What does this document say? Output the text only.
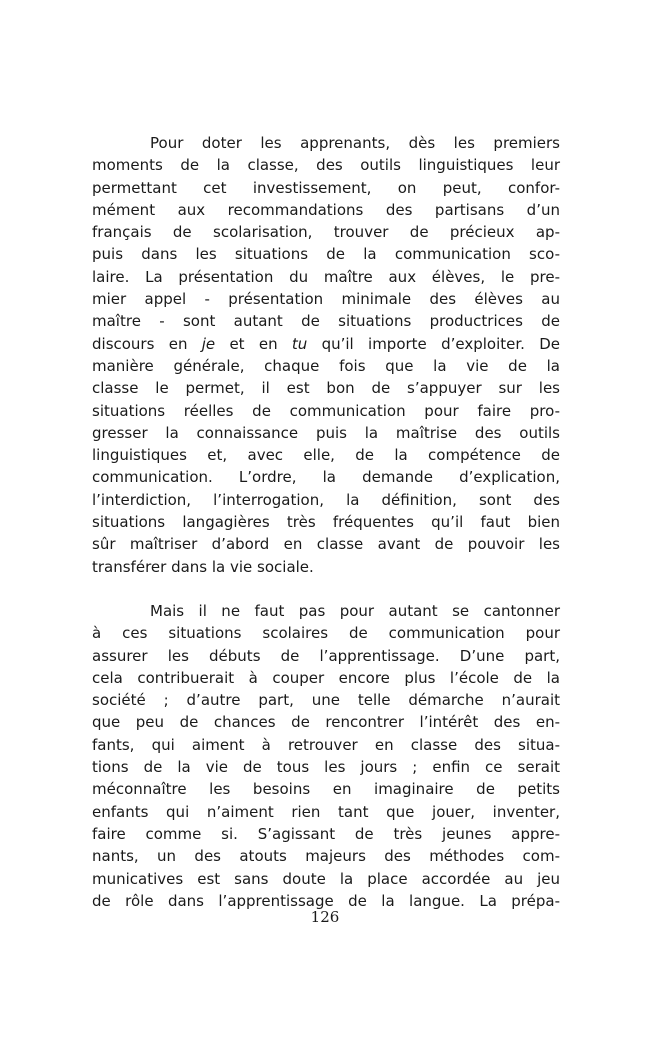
Pour doter les apprenants, dès les premiers
moments de la classe, des outils linguistiques leur
permettant cet investissement, on peut, confor-
mément aux recommandations des partisans d’un
français de scolarisation, trouver de précieux ap-
puis dans les situations de la communication sco-
laire. La présentation du maître aux élèves, le pre-
mier appel - présentation minimale des élèves au
maître - sont autant de situations productrices de
discours en je et en tu qu’il importe d’exploiter. De
manière générale, chaque fois que la vie de la
classe le permet, il est bon de s’appuyer sur les
situations réelles de communication pour faire pro-
gresser la connaissance puis la maîtrise des outils
linguistiques et, avec elle, de la compétence de
communication. L’ordre, la demande d’explication,
l’interdiction, l’interrogation, la définition, sont des
situations langagières très fréquentes qu’il faut bien
sûr maîtriser d’abord en classe avant de pouvoir les
transférer dans la vie sociale.
Mais il ne faut pas pour autant se cantonner
à ces situations scolaires de communication pour
assurer les débuts de l’apprentissage. D’une part,
cela contribuerait à couper encore plus l’école de la
société ; d’autre part, une telle démarche n’aurait
que peu de chances de rencontrer l’intérêt des en-
fants, qui aiment à retrouver en classe des situa-
tions de la vie de tous les jours ; enfin ce serait
méconnaître les besoins en imaginaire de petits
enfants qui n’aiment rien tant que jouer, inventer,
faire comme si. S’agissant de très jeunes appre-
nants, un des atouts majeurs des méthodes com-
municatives est sans doute la place accordée au jeu
de rôle dans l’apprentissage de la langue. La prépa-
126
